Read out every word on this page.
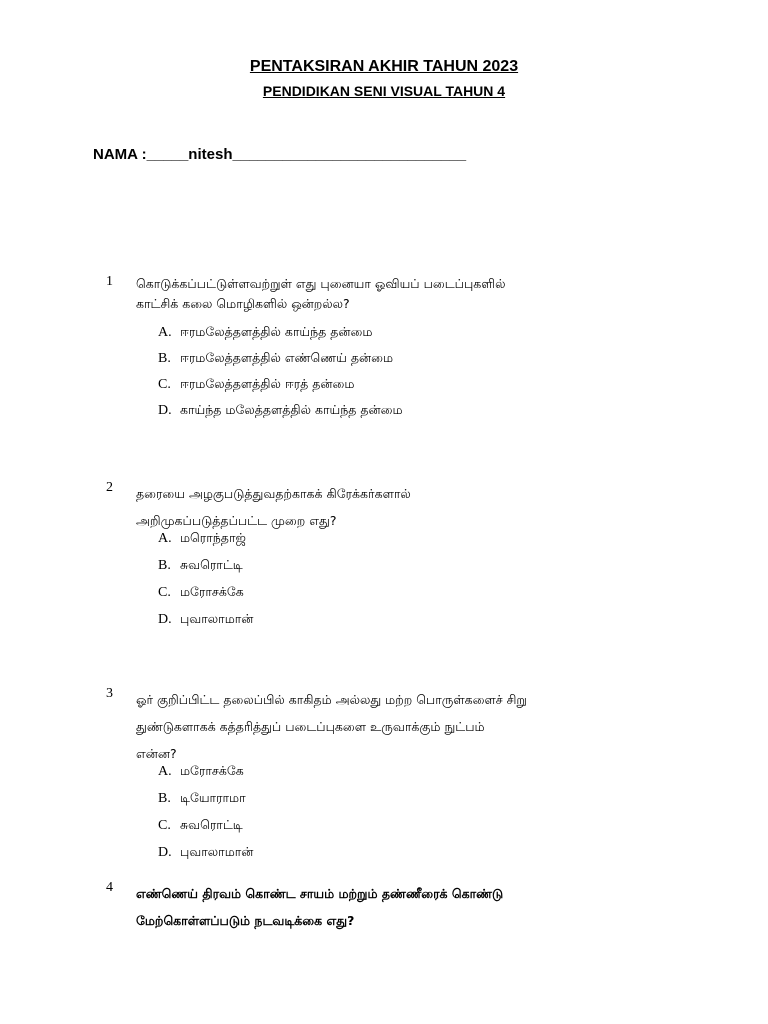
PENTAKSIRAN AKHIR TAHUN 2023
PENDIDIKAN SENI VISUAL TAHUN 4
NAMA :_____nitesh____________________________
1 கொடுக்கப்பட்டுள்ளவற்றுள் எது புனையா ஓவியப் படைப்புகளில்
காட்சிக் கலை மொழிகளில் ஒன்றல்ல?
A. ஈரமலேத்தளத்தில் காய்ந்த தன்மை
B. ஈரமலேத்தளத்தில் எண்ணெய் தன்மை
C. ஈரமலேத்தளத்தில் ஈரத் தன்மை
D. காய்ந்த மலேத்தளத்தில் காய்ந்த தன்மை
2 தரையை அழகுபடுத்துவதற்காகக் கிரேக்கர்களால்
அறிமுகப்படுத்தப்பட்ட முறை எது?
A. மரொந்தாஜ்
B. சுவரொட்டி
C. மரோசக்கே
D. புவாலாமான்
3 ஓர் குறிப்பிட்ட தலைப்பில் காகிதம் அல்லது மற்ற பொருள்களைச் சிறு
துண்டுகளாகக் கத்தரித்துப் படைப்புகளை உருவாக்கும் நுட்பம்
என்ன?
A. மரோசக்கே
B. டியோராமா
C. சுவரொட்டி
D. புவாலாமான்
4 எண்ணெய் திரவம் கொண்ட சாயம் மற்றும் தண்ணீரைக் கொண்டு
மேற்கொள்ளப்படும் நடவடிக்கை எது?
